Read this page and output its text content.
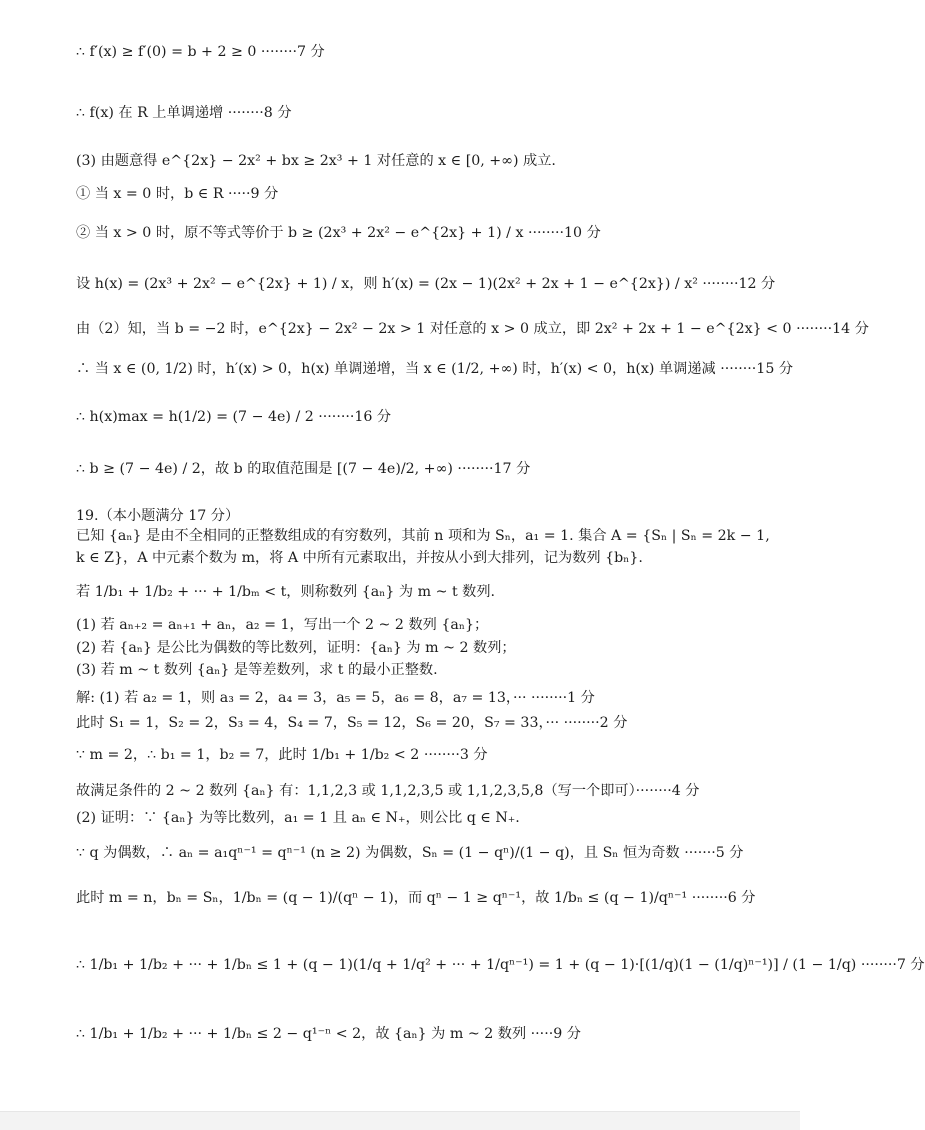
∴ f′(x) ≥ f′(0) = b + 2 ≥ 0 ········7 分
∴ f(x) 在 R 上单调递增 ········8 分
(3) 由题意得 e^{2x} − 2x² + bx ≥ 2x³ + 1 对任意的 x ∈ [0, +∞) 成立.
① 当 x = 0 时，b ∈ R ·····9 分
② 当 x > 0 时，原不等式等价于 b ≥ (2x³ + 2x² − e^{2x} + 1) / x ········10 分
设 h(x) = (2x³ + 2x² − e^{2x} + 1) / x，则 h′(x) = (2x − 1)(2x² + 2x + 1 − e^{2x}) / x² ········12 分
由（2）知，当 b = −2 时，e^{2x} − 2x² − 2x > 1 对任意的 x > 0 成立，即 2x² + 2x + 1 − e^{2x} < 0 ········14 分
∴ 当 x ∈ (0, 1/2) 时，h′(x) > 0，h(x) 单调递增，当 x ∈ (1/2, +∞) 时，h′(x) < 0，h(x) 单调递减 ········15 分
∴ h(x)max = h(1/2) = (7 − 4e) / 2 ········16 分
∴ b ≥ (7 − 4e) / 2，故 b 的取值范围是 [(7 − 4e)/2, +∞) ········17 分
19.（本小题满分 17 分）
已知 {aₙ} 是由不全相同的正整数组成的有穷数列，其前 n 项和为 Sₙ，a₁ = 1. 集合 A = {Sₙ | Sₙ = 2k − 1,
k ∈ Z}，A 中元素个数为 m，将 A 中所有元素取出，并按从小到大排列，记为数列 {bₙ}.
若 1/b₁ + 1/b₂ + ··· + 1/bₘ < t，则称数列 {aₙ} 为 m ~ t 数列.
(1) 若 aₙ₊₂ = aₙ₊₁ + aₙ，a₂ = 1，写出一个 2 ~ 2 数列 {aₙ}；
(2) 若 {aₙ} 是公比为偶数的等比数列，证明：{aₙ} 为 m ~ 2 数列；
(3) 若 m ~ t 数列 {aₙ} 是等差数列，求 t 的最小正整数.
解: (1) 若 a₂ = 1，则 a₃ = 2，a₄ = 3，a₅ = 5，a₆ = 8，a₇ = 13，··· ········1 分
此时 S₁ = 1，S₂ = 2，S₃ = 4，S₄ = 7，S₅ = 12，S₆ = 20，S₇ = 33，··· ········2 分
∵ m = 2，∴ b₁ = 1，b₂ = 7，此时 1/b₁ + 1/b₂ < 2 ········3 分
故满足条件的 2 ~ 2 数列 {aₙ} 有：1,1,2,3 或 1,1,2,3,5 或 1,1,2,3,5,8（写一个即可）········4 分
(2) 证明：∵ {aₙ} 为等比数列，a₁ = 1 且 aₙ ∈ N₊，则公比 q ∈ N₊.
∵ q 为偶数，∴ aₙ = a₁qⁿ⁻¹ = qⁿ⁻¹ (n ≥ 2) 为偶数，Sₙ = (1 − qⁿ)/(1 − q)，且 Sₙ 恒为奇数 ·······5 分
此时 m = n，bₙ = Sₙ，1/bₙ = (q − 1)/(qⁿ − 1)，而 qⁿ − 1 ≥ qⁿ⁻¹，故 1/bₙ ≤ (q − 1)/qⁿ⁻¹ ········6 分
∴ 1/b₁ + 1/b₂ + ··· + 1/bₙ ≤ 1 + (q − 1)(1/q + 1/q² + ··· + 1/qⁿ⁻¹) = 1 + (q − 1)·[(1/q)(1 − (1/q)ⁿ⁻¹)] / (1 − 1/q) ········7 分
∴ 1/b₁ + 1/b₂ + ··· + 1/bₙ ≤ 2 − q¹⁻ⁿ < 2，故 {aₙ} 为 m ~ 2 数列 ·····9 分
